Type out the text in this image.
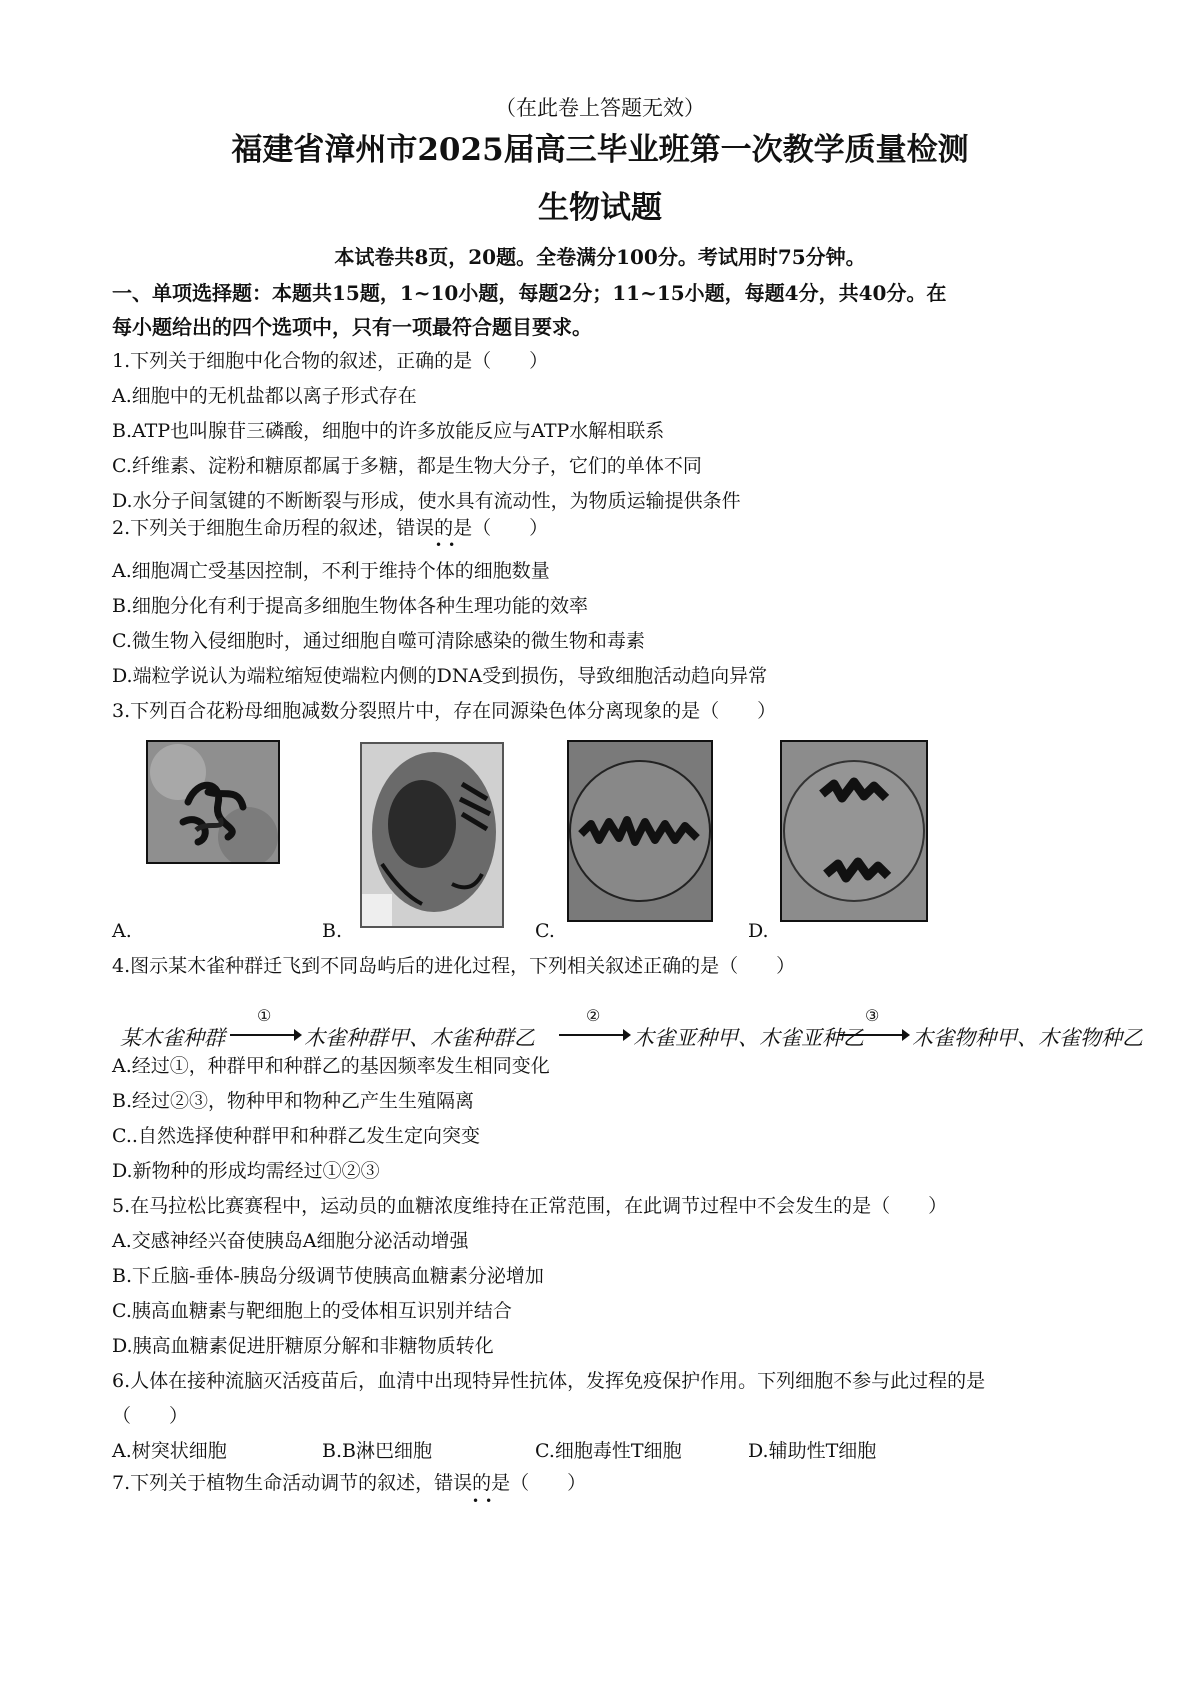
（在此卷上答题无效）
福建省漳州市2025届高三毕业班第一次教学质量检测
生物试题
本试卷共8页，20题。全卷满分100分。考试用时75分钟。
一、单项选择题：本题共15题，1~10小题，每题2分；11~15小题，每题4分，共40分。在
每小题给出的四个选项中，只有一项最符合题目要求。
1.下列关于细胞中化合物的叙述，正确的是（　　）
A.细胞中的无机盐都以离子形式存在
B.ATP也叫腺苷三磷酸，细胞中的许多放能反应与ATP水解相联系
C.纤维素、淀粉和糖原都属于多糖，都是生物大分子，它们的单体不同
D.水分子间氢键的不断断裂与形成，使水具有流动性，为物质运输提供条件
2.下列关于细胞生命历程的叙述，错误的是（　　）
••
A.细胞凋亡受基因控制，不利于维持个体的细胞数量
B.细胞分化有利于提高多细胞生物体各种生理功能的效率
C.微生物入侵细胞时，通过细胞自噬可清除感染的微生物和毒素
D.端粒学说认为端粒缩短使端粒内侧的DNA受到损伤，导致细胞活动趋向异常
3.下列百合花粉母细胞减数分裂照片中，存在同源染色体分离现象的是（　　）
A.	B.	C.	D.
4.图示某木雀种群迁飞到不同岛屿后的进化过程，下列相关叙述正确的是（　　）
某木雀种群
①
木雀种群甲、木雀种群乙
②
木雀亚种甲、木雀亚种乙
③
木雀物种甲、木雀物种乙
A.经过①，种群甲和种群乙的基因频率发生相同变化
B.经过②③，物种甲和物种乙产生生殖隔离
C..自然选择使种群甲和种群乙发生定向突变
D.新物种的形成均需经过①②③
5.在马拉松比赛赛程中，运动员的血糖浓度维持在正常范围，在此调节过程中不会发生的是（　　）
A.交感神经兴奋使胰岛A细胞分泌活动增强
B.下丘脑-垂体-胰岛分级调节使胰高血糖素分泌增加
C.胰高血糖素与靶细胞上的受体相互识别并结合
D.胰高血糖素促进肝糖原分解和非糖物质转化
6.人体在接种流脑灭活疫苗后，血清中出现特异性抗体，发挥免疫保护作用。下列细胞不参与此过程的是
（　　）
A.树突状细胞	B.B淋巴细胞	C.细胞毒性T细胞	D.辅助性T细胞
7.下列关于植物生命活动调节的叙述，错误的是（　　）
••
